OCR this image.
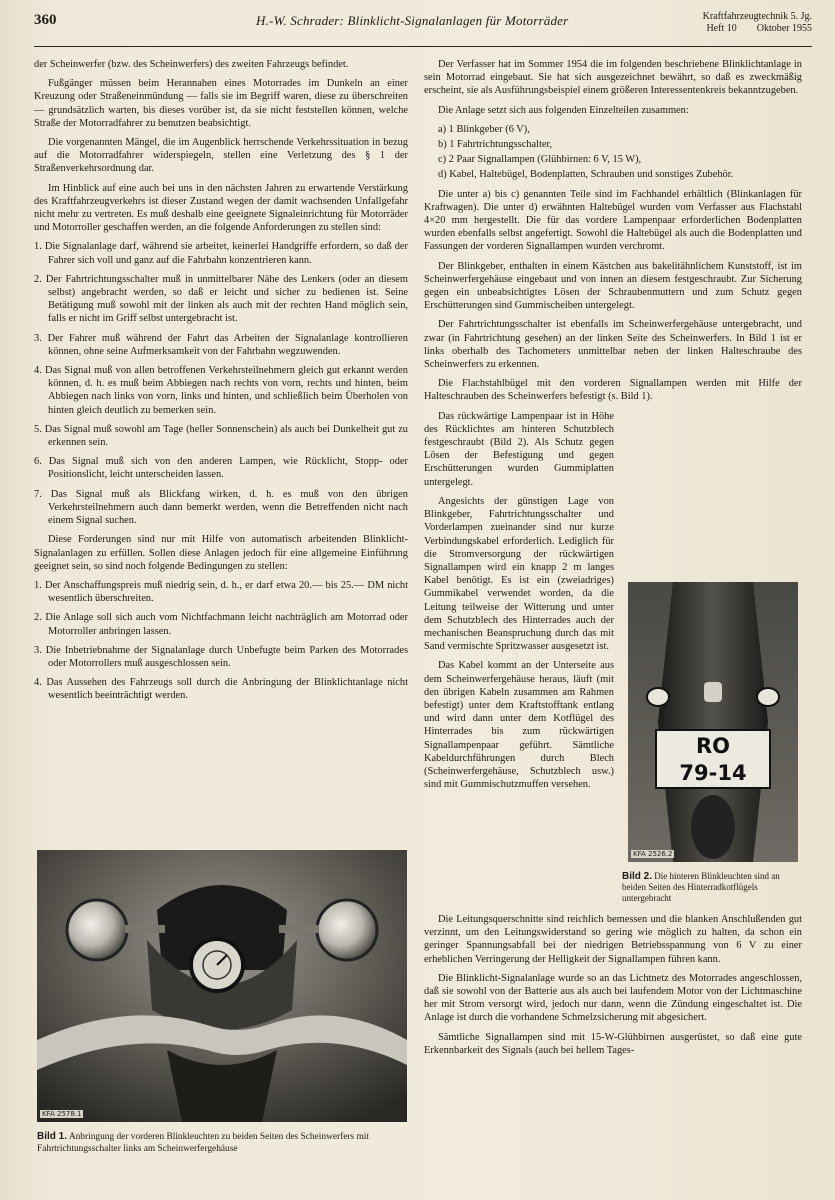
360	H.-W. Schrader: Blinklicht-Signalanlagen für Motorräder	Kraftfahrzeugtechnik 5. Jg.
Heft 10        Oktober 1955

der Scheinwerfer (bzw. des Scheinwerfers) des zweiten Fahrzeugs befindet.

Fußgänger müssen beim Herannahen eines Motorrades im Dunkeln an einer Kreuzung oder Straßeneinmündung — falls sie im Begriff waren, diese zu überschreiten — grundsätzlich warten, bis dieses vorüber ist, da sie nicht feststellen können, welche Straße der Motorradfahrer zu benutzen beabsichtigt.

Die vorgenannten Mängel, die im Augenblick herrschende Verkehrssituation in bezug auf die Motorradfahrer widerspiegeln, stellen eine Verletzung des § 1 der Straßenverkehrsordnung dar.

Im Hinblick auf eine auch bei uns in den nächsten Jahren zu erwartende Verstärkung des Kraftfahrzeugverkehrs ist dieser Zustand wegen der damit wachsenden Unfallgefahr nicht mehr zu vertreten. Es muß deshalb eine geeignete Signaleinrichtung für Motorräder und Motorroller geschaffen werden, an die folgende Anforderungen zu stellen sind:

1. Die Signalanlage darf, während sie arbeitet, keinerlei Handgriffe erfordern, so daß der Fahrer sich voll und ganz auf die Fahrbahn konzentrieren kann.
2. Der Fahrtrichtungsschalter muß in unmittelbarer Nähe des Lenkers (oder an diesem selbst) angebracht werden, so daß er leicht und sicher zu bedienen ist. Seine Betätigung muß sowohl mit der linken als auch mit der rechten Hand möglich sein, falls er nicht im Griff selbst untergebracht ist.
3. Der Fahrer muß während der Fahrt das Arbeiten der Signalanlage kontrollieren können, ohne seine Aufmerksamkeit von der Fahrbahn wegzuwenden.
4. Das Signal muß von allen betroffenen Verkehrsteilnehmern gleich gut erkannt werden können, d. h. es muß beim Abbiegen nach rechts von vorn, rechts und hinten, beim Abbiegen nach links von vorn, links und hinten, und schließlich beim Überholen von hinten gleich deutlich zu bemerken sein.
5. Das Signal muß sowohl am Tage (heller Sonnenschein) als auch bei Dunkelheit gut zu erkennen sein.
6. Das Signal muß sich von den anderen Lampen, wie Rücklicht, Stopp- oder Positionslicht, leicht unterscheiden lassen.
7. Das Signal muß als Blickfang wirken, d. h. es muß von den übrigen Verkehrsteilnehmern auch dann bemerkt werden, wenn die Betreffenden nicht nach einem Signal suchen.

Diese Forderungen sind nur mit Hilfe von automatisch arbeitenden Blinklicht-Signalanlagen zu erfüllen. Sollen diese Anlagen jedoch für eine allgemeine Einführung geeignet sein, so sind noch folgende Bedingungen zu stellen:

1. Der Anschaffungspreis muß niedrig sein, d. h., er darf etwa 20.— bis 25.— DM nicht wesentlich überschreiten.
2. Die Anlage soll sich auch vom Nichtfachmann leicht nachträglich am Motorrad oder Motorroller anbringen lassen.
3. Die Inbetriebnahme der Signalanlage durch Unbefugte beim Parken des Motorrades oder Motorrollers muß ausgeschlossen sein.
4. Das Aussehen des Fahrzeugs soll durch die Anbringung der Blinklichtanlage nicht wesentlich beeinträchtigt werden.
KFA 2578.1
Bild 1. Anbringung der vorderen Blinkleuchten zu beiden Seiten des Scheinwerfers mit Fahrtrichtungsschalter links am Scheinwerfergehäuse

Der Verfasser hat im Sommer 1954 die im folgenden beschriebene Blinklichtanlage in sein Motorrad eingebaut. Sie hat sich ausgezeichnet bewährt, so daß es zweckmäßig erscheint, sie als Ausführungsbeispiel einem größeren Interessentenkreis bekanntzugeben.

Die Anlage setzt sich aus folgenden Einzelteilen zusammen:

a) 1 Blinkgeber (6 V),
b) 1 Fahrtrichtungsschalter,
c) 2 Paar Signallampen (Glühbirnen: 6 V, 15 W),
d) Kabel, Haltebügel, Bodenplatten, Schrauben und sonstiges Zubehör.

Die unter a) bis c) genannten Teile sind im Fachhandel erhältlich (Blinkanlagen für Kraftwagen). Die unter d) erwähnten Haltebügel wurden vom Verfasser aus Flachstahl 4×20 mm hergestellt. Die für das vordere Lampenpaar erforderlichen Bodenplatten wurden ebenfalls selbst angefertigt. Sowohl die Haltebügel als auch die Bodenplatten und Fassungen der vorderen Signallampen wurden verchromt.

Der Blinkgeber, enthalten in einem Kästchen aus bakelitähnlichem Kunststoff, ist im Scheinwerfergehäuse eingebaut und von innen an diesem festgeschraubt. Zur Sicherung gegen ein unbeabsichtigtes Lösen der Schraubenmuttern und zum Schutz gegen Erschütterungen sind Gummischeiben untergelegt.

Der Fahrtrichtungsschalter ist ebenfalls im Scheinwerfergehäuse untergebracht, und zwar (in Fahrtrichtung gesehen) an der linken Seite des Scheinwerfers. In Bild 1 ist er links oberhalb des Tachometers unmittelbar neben der linken Halteschraube des Scheinwerfers zu erkennen.

Die Flachstahlbügel mit den vorderen Signallampen werden mit Hilfe der Halteschrauben des Scheinwerfers befestigt (s. Bild 1).

Das rückwärtige Lampenpaar ist in Höhe des Rücklichtes am hinteren Schutzblech festgeschraubt (Bild 2). Als Schutz gegen Lösen der Befestigung und gegen Erschütterungen wurden Gummiplatten untergelegt.

Angesichts der günstigen Lage von Blinkgeber, Fahrtrichtungsschalter und Vorderlampen zueinander sind nur kurze Verbindungskabel erforderlich. Lediglich für die Stromversorgung der rückwärtigen Signallampen wird ein knapp 2 m langes Kabel benötigt. Es ist ein (zweiadriges) Gummikabel verwendet worden, da die Leitung teilweise der Witterung und unter dem Schutzblech des Hinterrades auch der mechanischen Beanspruchung durch das mit Sand vermischte Spritzwasser ausgesetzt ist.

Das Kabel kommt an der Unterseite aus dem Scheinwerfergehäuse heraus, läuft (mit den übrigen Kabeln zusammen am Rahmen befestigt) unter dem Kraftstofftank entlang und wird dann unter dem Kotflügel des Hinterrades bis zum rückwärtigen Signallampenpaar geführt. Sämtliche Kabeldurchführungen durch Blech (Scheinwerfergehäuse, Schutzblech usw.) sind mit Gummischutzmuffen versehen.

RO
79-14
KFA 2526.2
Bild 2. Die hinteren Blinkleuchten sind an beiden Seiten des Hinterradkotflügels untergebracht

Die Leitungsquerschnitte sind reichlich bemessen und die blanken Anschlußenden gut verzinnt, um den Leitungswiderstand so gering wie möglich zu halten, da schon ein geringer Spannungsabfall bei der niedrigen Betriebsspannung von 6 V zu einer erheblichen Verringerung der Helligkeit der Signallampen führen kann.

Die Blinklicht-Signalanlage wurde so an das Lichtnetz des Motorrades angeschlossen, daß sie sowohl von der Batterie aus als auch bei laufendem Motor von der Lichtmaschine her mit Strom versorgt wird, jedoch nur dann, wenn die Zündung eingeschaltet ist. Die Anlage ist durch die vorhandene Schmelzsicherung mit abgesichert.

Sämtliche Signallampen sind mit 15-W-Glühbirnen ausgerüstet, so daß eine gute Erkennbarkeit des Signals (auch bei hellem Tages-
